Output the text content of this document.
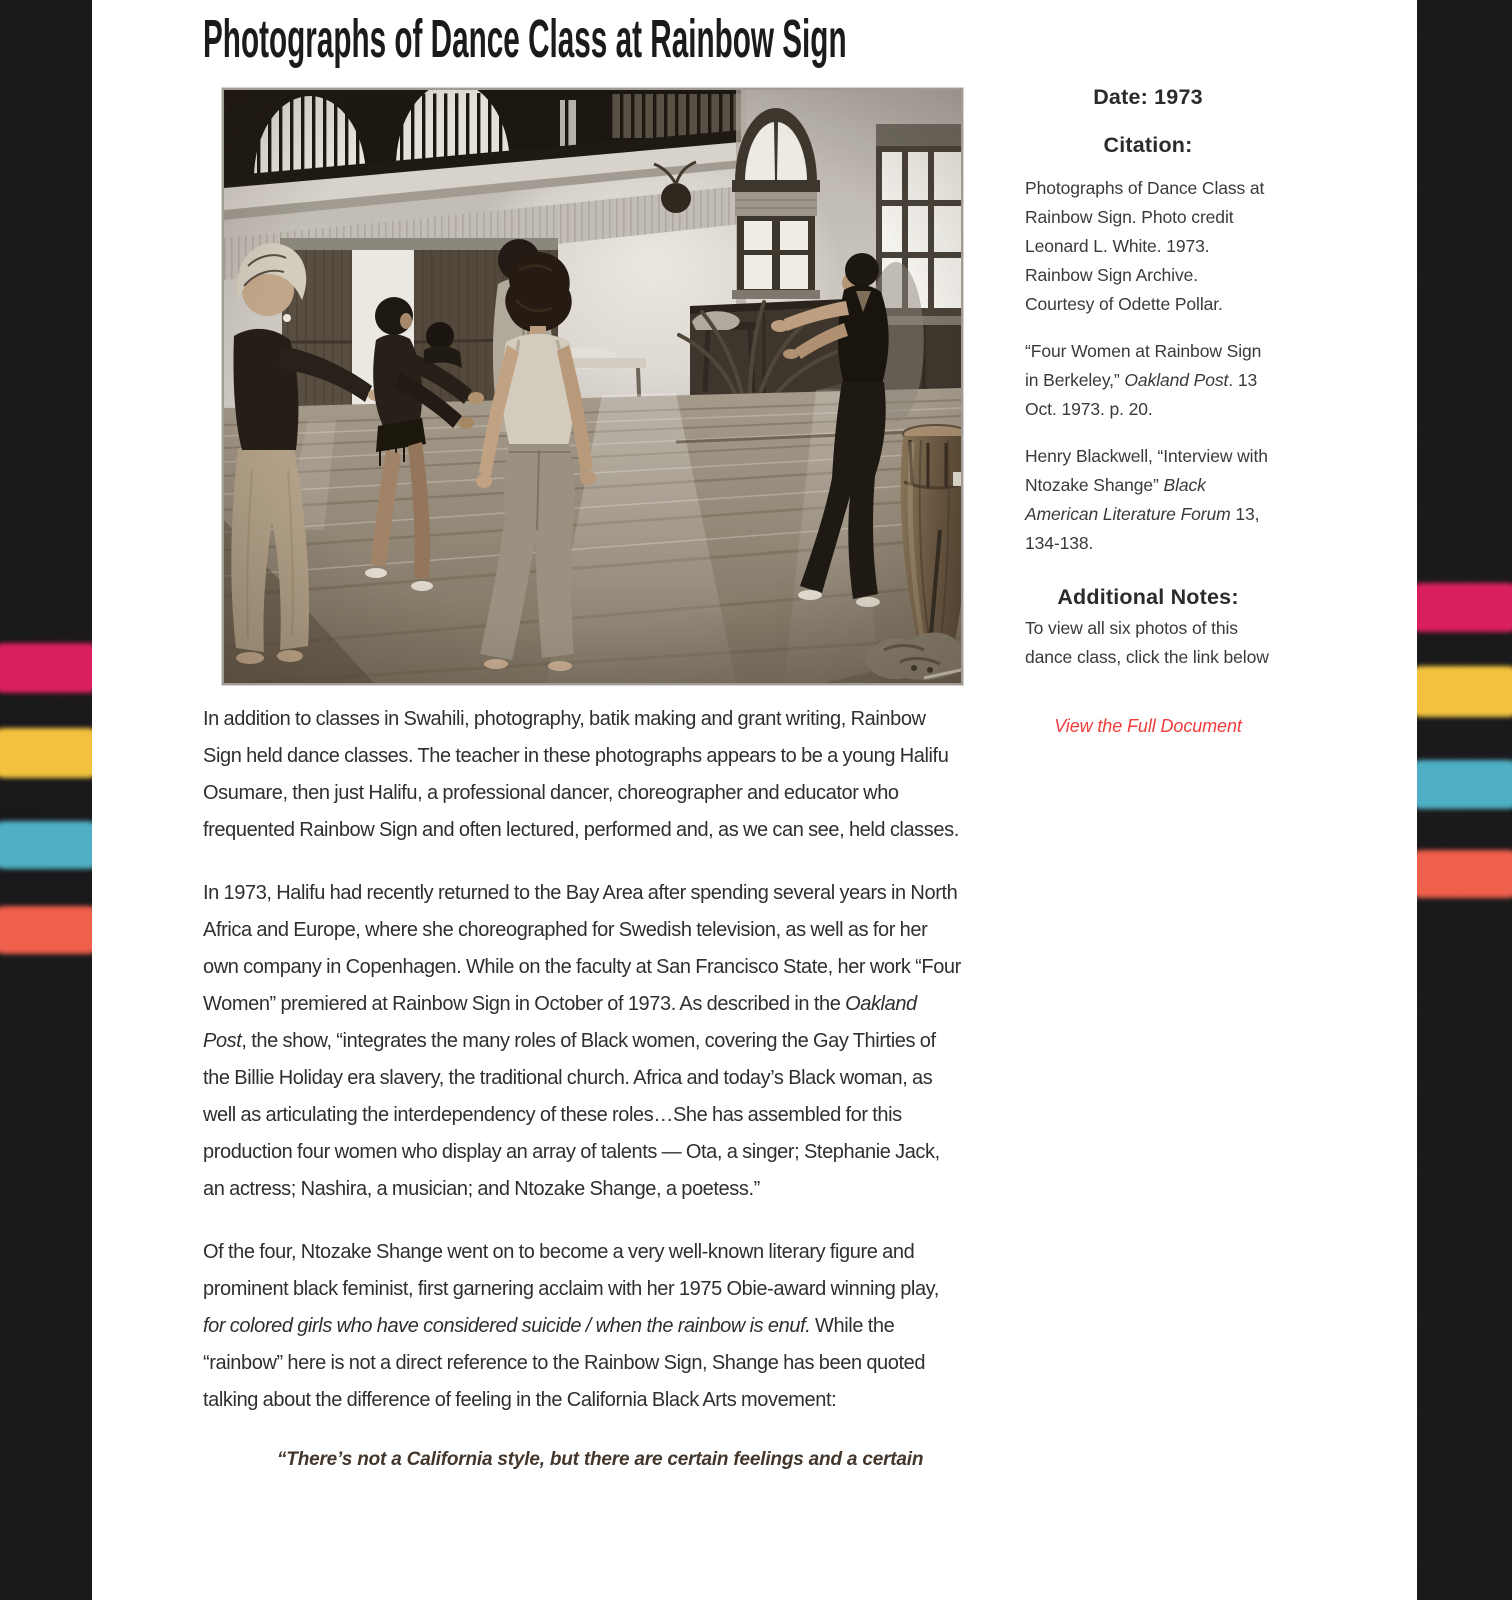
Photographs of Dance Class at Rainbow Sign

In addition to classes in Swahili, photography, batik making and grant writing, Rainbow Sign held dance classes. The teacher in these photographs appears to be a young Halifu Osumare, then just Halifu, a professional dancer, choreographer and educator who frequented Rainbow Sign and often lectured, performed and, as we can see, held classes.

In 1973, Halifu had recently returned to the Bay Area after spending several years in North Africa and Europe, where she choreographed for Swedish television, as well as for her own company in Copenhagen. While on the faculty at San Francisco State, her work “Four Women” premiered at Rainbow Sign in October of 1973. As described in the Oakland Post, the show, “integrates the many roles of Black women, covering the Gay Thirties of the Billie Holiday era slavery, the traditional church. Africa and today’s Black woman, as well as articulating the interdependency of these roles…She has assembled for this production four women who display an array of talents — Ota, a singer; Stephanie Jack, an actress; Nashira, a musician; and Ntozake Shange, a poetess.”

Of the four, Ntozake Shange went on to become a very well-known literary figure and prominent black feminist, first garnering acclaim with her 1975 Obie-award winning play, for colored girls who have considered suicide / when the rainbow is enuf. While the “rainbow” here is not a direct reference to the Rainbow Sign, Shange has been quoted talking about the difference of feeling in the California Black Arts movement:

“There’s not a California style, but there are certain feelings and a certain
Date: 1973
Citation:

Photographs of Dance Class at Rainbow Sign. Photo credit Leonard L. White. 1973. Rainbow Sign Archive. Courtesy of Odette Pollar.

“Four Women at Rainbow Sign in Berkeley,” Oakland Post. 13 Oct. 1973. p. 20.

Henry Blackwell, “Interview with Ntozake Shange” Black American Literature Forum 13, 134-138.

Additional Notes:

To view all six photos of this dance class, click the link below

View the Full Document
